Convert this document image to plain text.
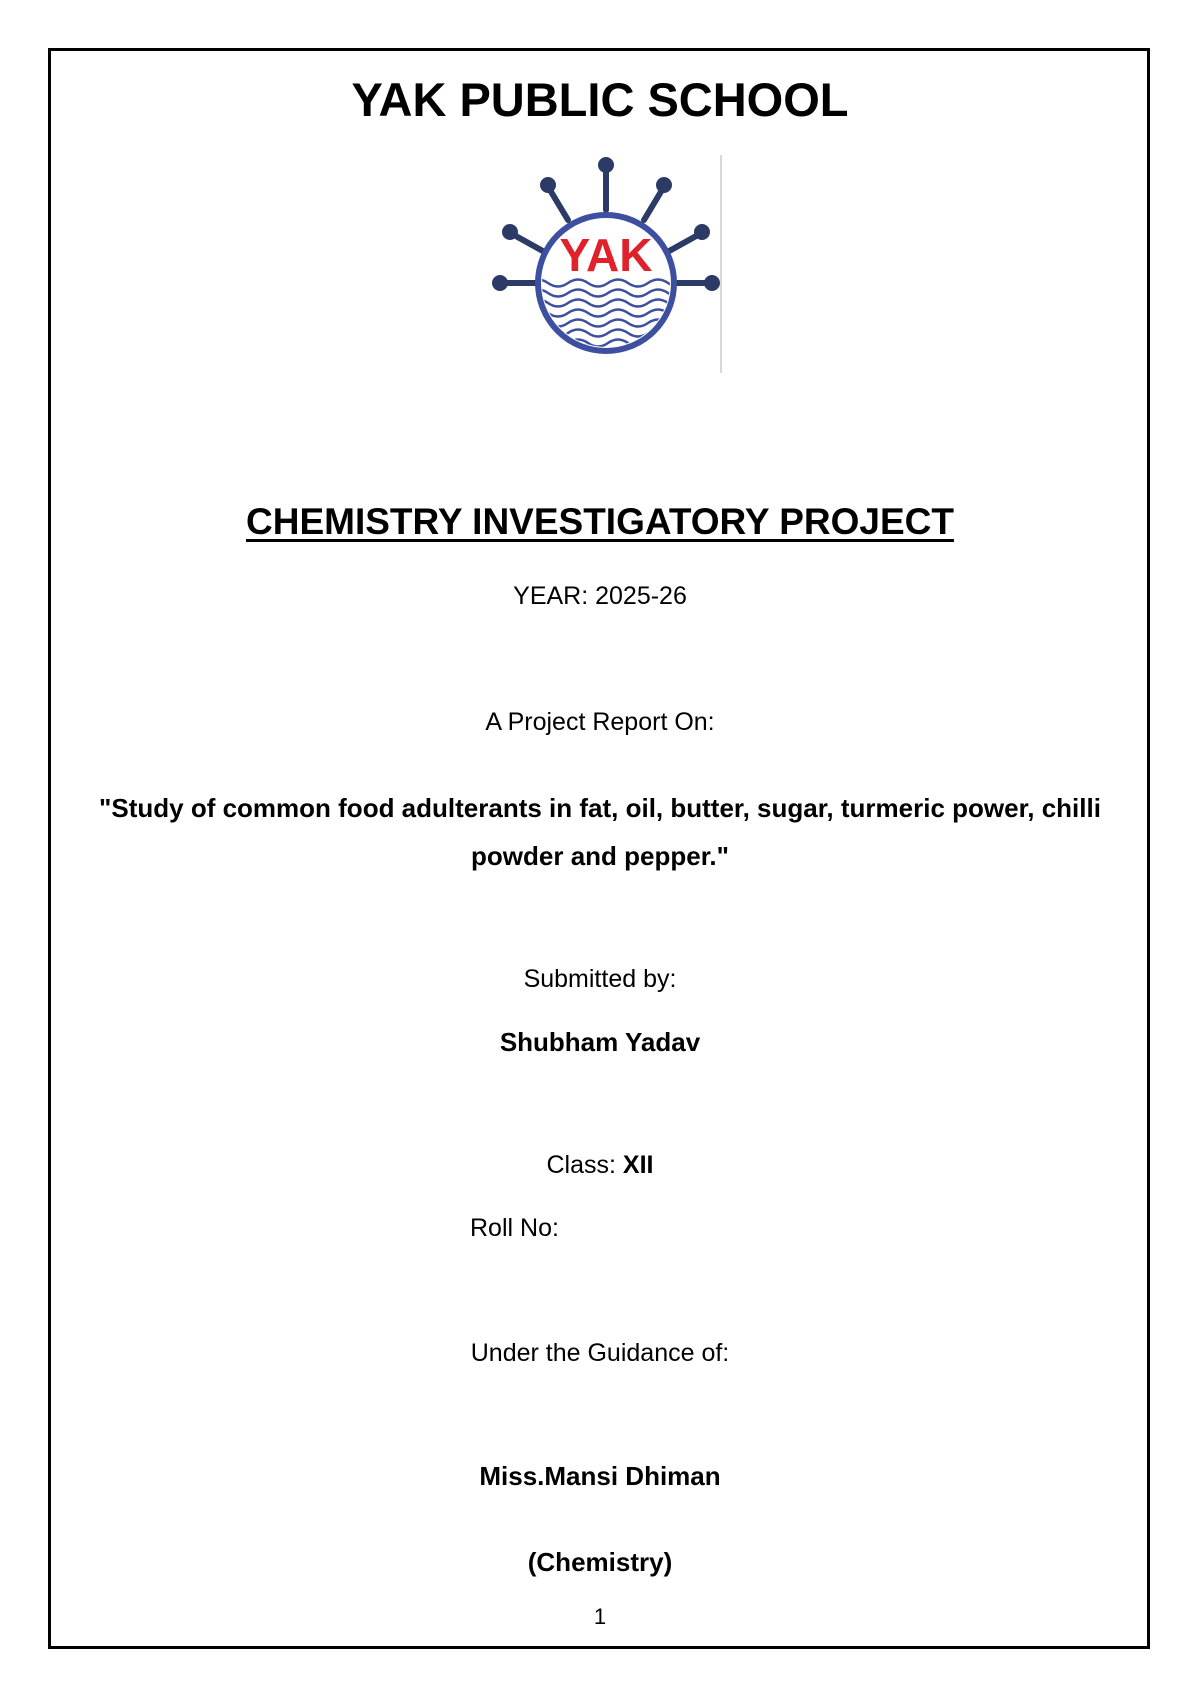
YAK PUBLIC SCHOOL
YAK
CHEMISTRY INVESTIGATORY PROJECT
YEAR: 2025-26
A Project Report On:
"Study of common food adulterants in fat, oil, butter, sugar, turmeric power, chilli
powder and pepper."
Submitted by:
Shubham Yadav
Class: XII
Roll No:
Under the Guidance of:
Miss.Mansi Dhiman
(Chemistry)
1
